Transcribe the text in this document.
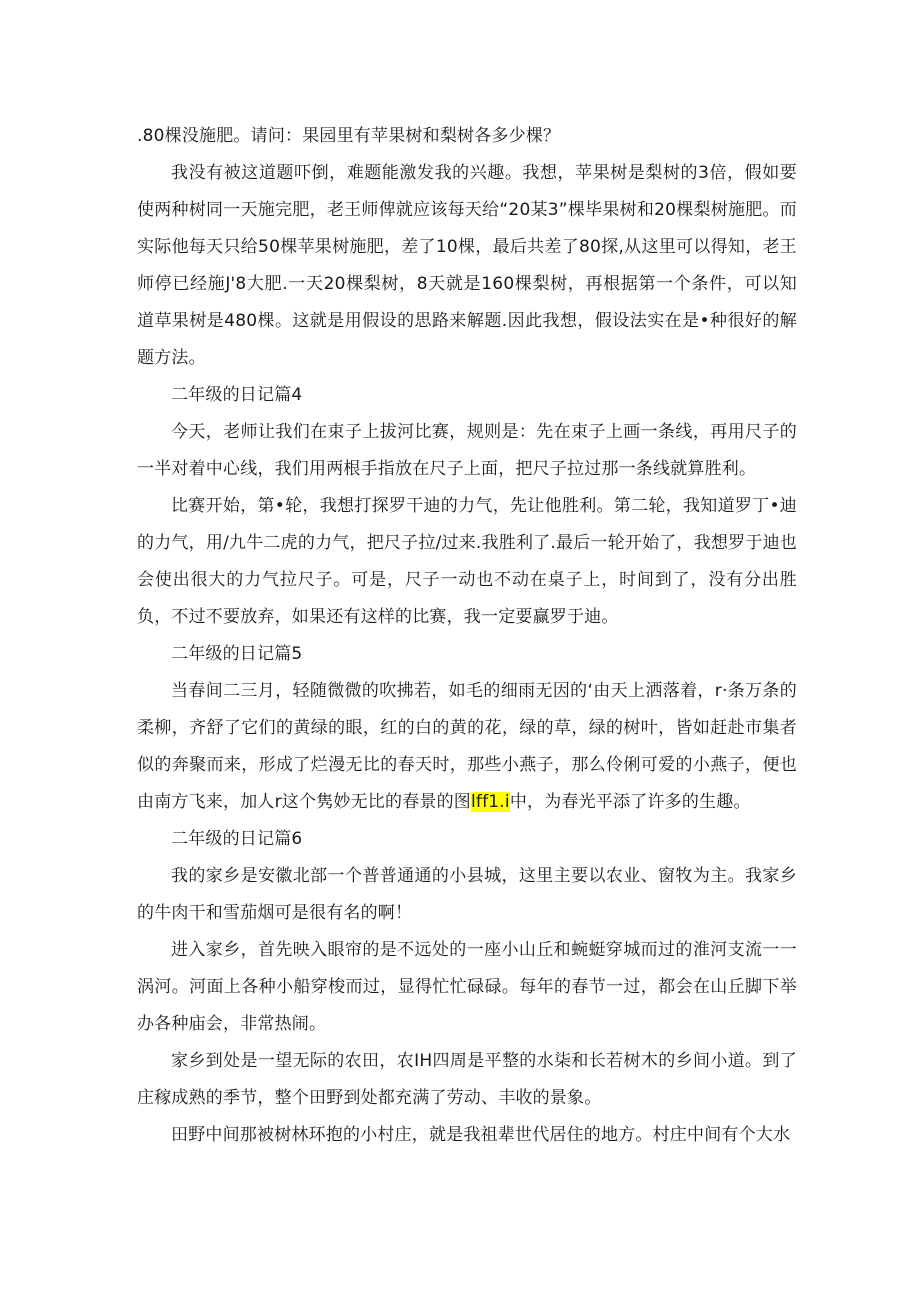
.80棵没施肥。请问：果园里有苹果树和梨树各多少棵？

我没有被这道题吓倒，难题能激发我的兴趣。我想，苹果树是梨树的3倍，假如要使两种树同一天施完肥，老王师俾就应该每天给“20某3”棵毕果树和20棵梨树施肥。而实际他每天只给50棵苹果树施肥，差了10棵，最后共差了80探,从这里可以得知，老王师停已经施J'8大肥.一天20棵梨树，8天就是160棵梨树，再根据第一个条件，可以知道草果树是480棵。这就是用假设的思路来解题.因此我想，假设法实在是•种很好的解题方法。

二年级的日记篇4

今天，老师让我们在束子上拔河比赛，规则是：先在束子上画一条线，再用尺子的一半对着中心线，我们用两根手指放在尺子上面，把尺子拉过那一条线就算胜利。

比赛开始，第•轮，我想打探罗干迪的力气，先让他胜利。第二轮，我知道罗丁•迪的力气，用/九牛二虎的力气，把尺子拉/过来.我胜利了.最后一轮开始了，我想罗于迪也会使出很大的力气拉尺子。可是，尺子一动也不动在桌子上，时间到了，没有分出胜负，不过不要放弃，如果还有这样的比赛，我一定要赢罗于迪。

二年级的日记篇5

当春间二三月，轻随微微的吹拂若，如毛的细雨无因的‘由天上洒落着，r·条万条的柔柳，齐舒了它们的黄绿的眼，红的白的黄的花，绿的草，绿的树叶，皆如赶赴市集者似的奔聚而来，形成了烂漫无比的春天时，那些小燕子，那么伶俐可爱的小燕子，便也由南方飞来，加人r这个隽妙无比的春景的图lff1.i中，为春光平添了许多的生趣。

二年级的日记篇6

我的家乡是安徽北部一个普普通通的小县城，这里主要以农业、窗牧为主。我家乡的牛肉干和雪茄烟可是很有名的啊！

进入家乡，首先映入眼帘的是不远处的一座小山丘和蜿蜓穿城而过的淮河支流一一涡河。河面上各种小船穿梭而过，显得忙忙碌碌。每年的春节一过，都会在山丘脚下举办各种庙会，非常热闹。

家乡到处是一望无际的农田，农IH四周是平整的水柒和长若树木的乡间小道。到了庄稼成熟的季节，整个田野到处都充满了劳动、丰收的景象。

田野中间那被树林环抱的小村庄，就是我祖辈世代居住的地方。村庄中间有个大水
